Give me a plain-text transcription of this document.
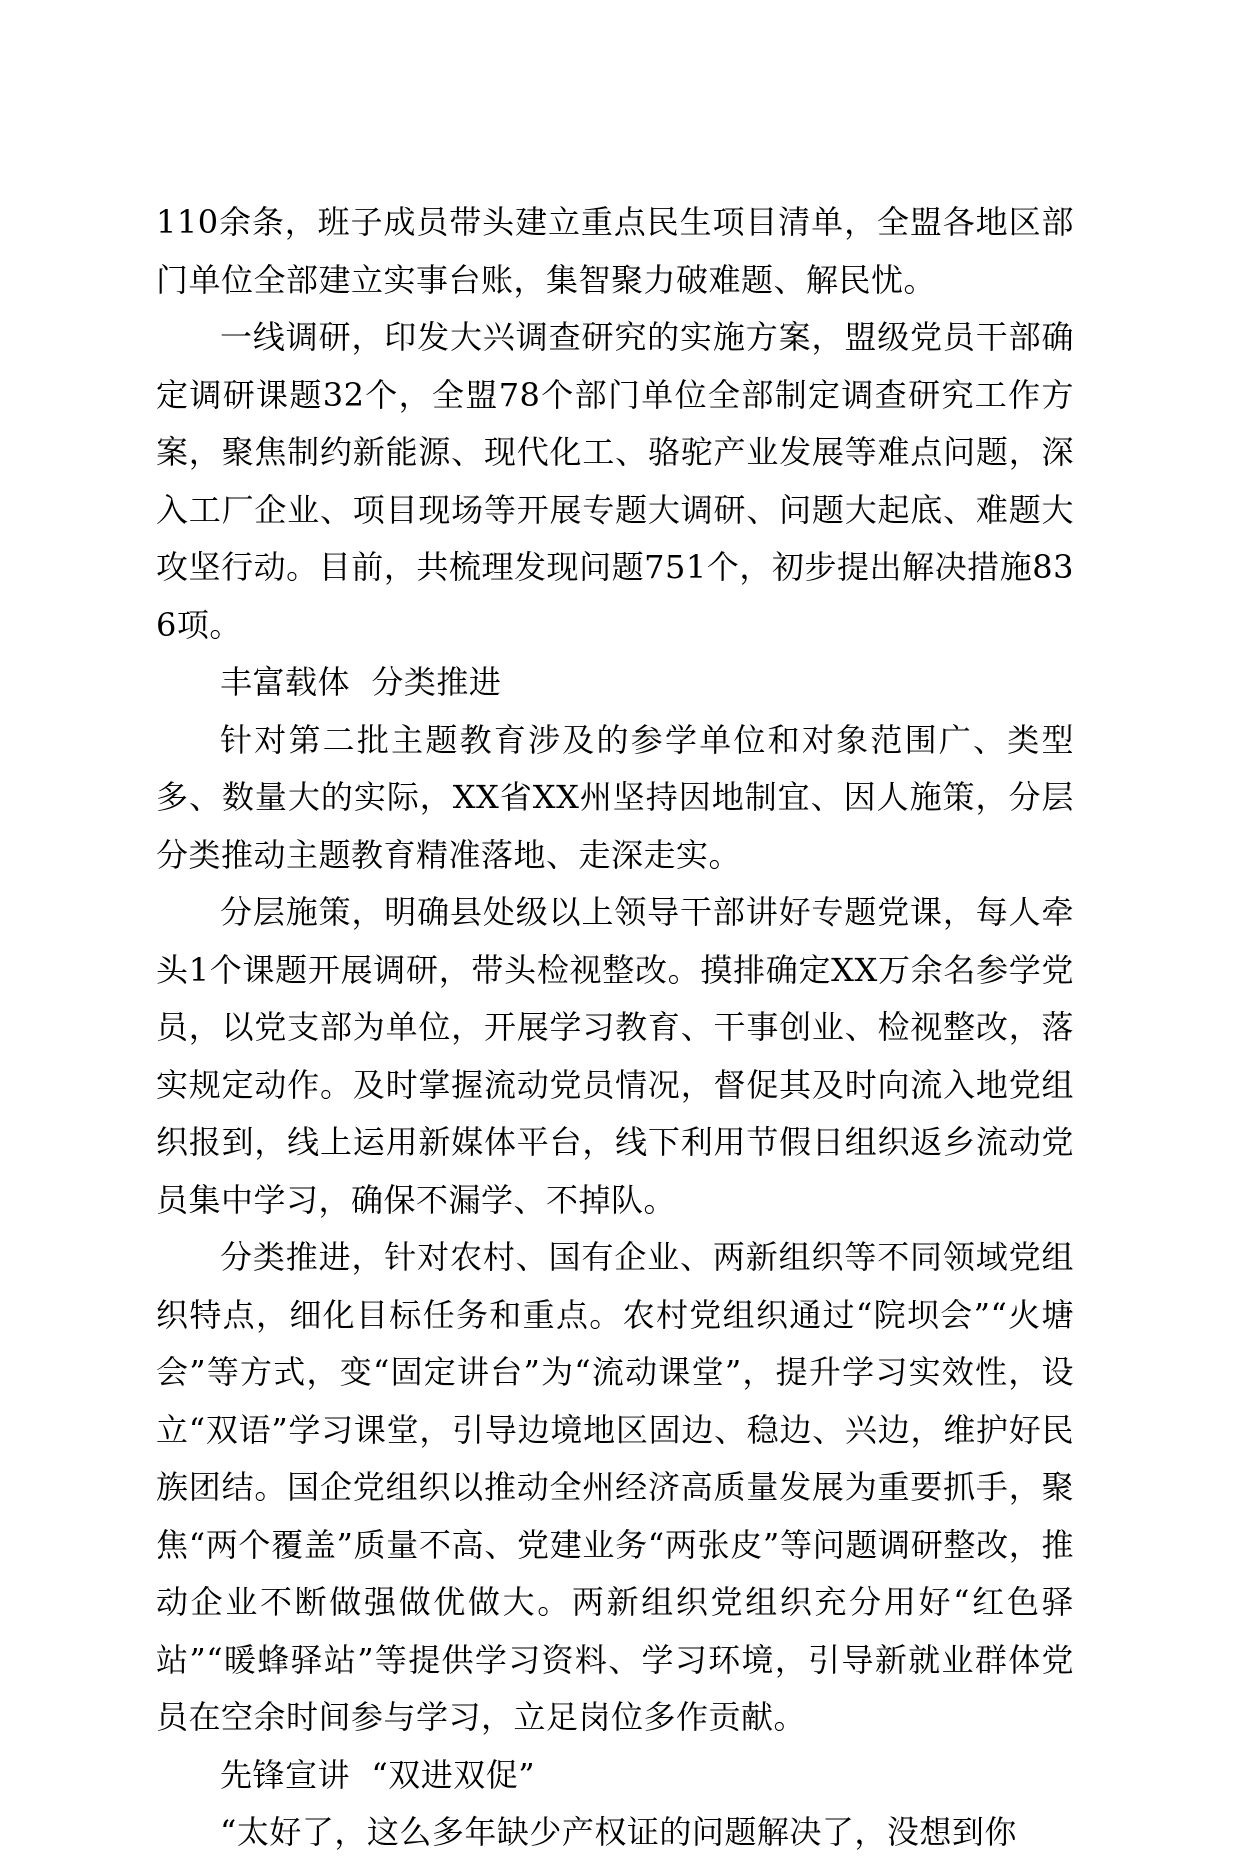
110余条，班子成员带头建立重点民生项目清单，全盟各地区部门单位全部建立实事台账，集智聚力破难题、解民忧。

一线调研，印发大兴调查研究的实施方案，盟级党员干部确定调研课题32个，全盟78个部门单位全部制定调查研究工作方案，聚焦制约新能源、现代化工、骆驼产业发展等难点问题，深入工厂企业、项目现场等开展专题大调研、问题大起底、难题大攻坚行动。目前，共梳理发现问题751个，初步提出解决措施836项。

丰富载体  分类推进

针对第二批主题教育涉及的参学单位和对象范围广、类型多、数量大的实际，XX省XX州坚持因地制宜、因人施策，分层分类推动主题教育精准落地、走深走实。

分层施策，明确县处级以上领导干部讲好专题党课，每人牵头1个课题开展调研，带头检视整改。摸排确定XX万余名参学党员，以党支部为单位，开展学习教育、干事创业、检视整改，落实规定动作。及时掌握流动党员情况，督促其及时向流入地党组织报到，线上运用新媒体平台，线下利用节假日组织返乡流动党员集中学习，确保不漏学、不掉队。

分类推进，针对农村、国有企业、两新组织等不同领域党组织特点，细化目标任务和重点。农村党组织通过“院坝会”“火塘会”等方式，变“固定讲台”为“流动课堂”，提升学习实效性，设立“双语”学习课堂，引导边境地区固边、稳边、兴边，维护好民族团结。国企党组织以推动全州经济高质量发展为重要抓手，聚焦“两个覆盖”质量不高、党建业务“两张皮”等问题调研整改，推动企业不断做强做优做大。两新组织党组织充分用好“红色驿站”“暖蜂驿站”等提供学习资料、学习环境，引导新就业群体党员在空余时间参与学习，立足岗位多作贡献。

先锋宣讲  “双进双促”

“太好了，这么多年缺少产权证的问题解决了，没想到你
